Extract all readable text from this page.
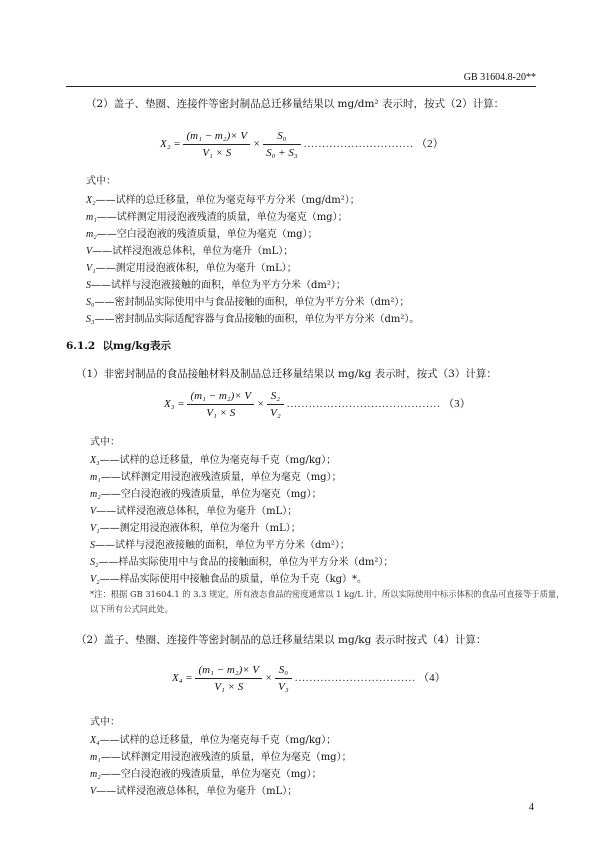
GB 31604.8-20**
（2）盖子、垫圈、连接件等密封制品总迁移量结果以 mg/dm² 表示时，按式（2）计算：
$X_2 = \frac{\text{(m₁ − m₂)× V}}{\text{V₁ × S}} \times \frac{\text{S₀}}{\text{S₀ + S₃}}$ ………………………… （2）
式中：
X₂——试样的总迁移量，单位为毫克每平方分米（mg/dm²）；
m₁——试样测定用浸泡液残渣的质量，单位为毫克（mg）；
m₂——空白浸泡液的残渣质量，单位为毫克（mg）；
V——试样浸泡液总体积，单位为毫升（mL）；
V₁——测定用浸泡液体积，单位为毫升（mL）；
S——试样与浸泡液接触的面积，单位为平方分米（dm²）；
S₀——密封制品实际使用中与食品接触的面积，单位为平方分米（dm²）；
S₃——密封制品实际适配容器与食品接触的面积，单位为平方分米（dm²）。
6.1.2 以mg/kg表示
（1）非密封制品的食品接触材料及制品总迁移量结果以 mg/kg 表示时，按式（3）计算：
$X_3 = \frac{\text{(m₁ − m₂)× V}}{\text{V₁ × S}} \times \frac{\text{S₂}}{\text{V₂}}$ …………………………………… （3）
式中：
X₃——试样的总迁移量，单位为毫克每千克（mg/kg）；
m₁——试样测定用浸泡液残渣质量，单位为毫克（mg）；
m₂——空白浸泡液的残渣质量，单位为毫克（mg）；
V——试样浸泡液总体积，单位为毫升（mL）；
V₁——测定用浸泡液体积，单位为毫升（mL）；
S——试样与浸泡液接触的面积，单位为平方分米（dm²）；
S₂——样品实际使用中与食品的接触面积，单位为平方分米（dm²）；
V₂——样品实际使用中接触食品的质量，单位为千克（kg）*。
*注：根据 GB 31604.1 的 3.3 规定，所有液态食品的密度通常以 1 kg/L 计，所以实际使用中标示体积的食品可直接等于质量，以下所有公式同此处。
（2）盖子、垫圈、连接件等密封制品的总迁移量结果以 mg/kg 表示时按式（4）计算：
$X_4 = \frac{\text{(m₁ − m₂)× V}}{\text{V₁ × S}} \times \frac{\text{S₀}}{\text{V₃}}$ …………………………… （4）
式中：
X₄——试样的总迁移量，单位为毫克每千克（mg/kg）；
m₁——试样测定用浸泡液残渣的质量，单位为毫克（mg）；
m₂——空白浸泡液的残渣质量，单位为毫克（mg）；
V——试样浸泡液总体积，单位为毫升（mL）；
4
